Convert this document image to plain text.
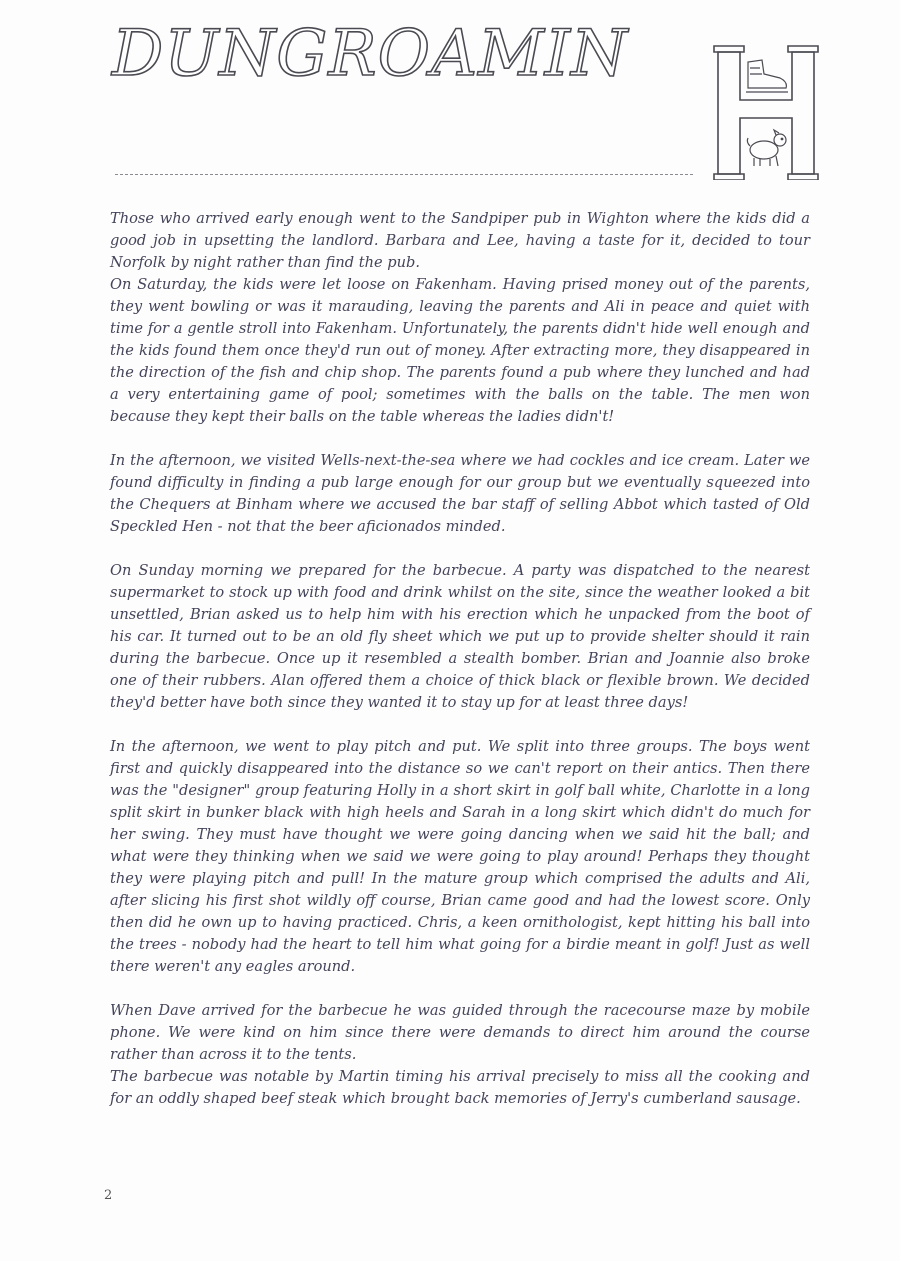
DUNGROAMIN

Those who arrived early enough went to the Sandpiper pub in Wighton where the kids did a good job in upsetting the landlord. Barbara and Lee, having a taste for it, decided to tour Norfolk by night rather than find the pub.

On Saturday, the kids were let loose on Fakenham. Having prised money out of the parents, they went bowling or was it marauding, leaving the parents and Ali in peace and quiet with time for a gentle stroll into Fakenham. Unfortunately, the parents didn't hide well enough and the kids found them once they'd run out of money. After extracting more, they disappeared in the direction of the fish and chip shop. The parents found a pub where they lunched and had a very entertaining game of pool; sometimes with the balls on the table. The men won because they kept their balls on the table whereas the ladies didn't!

In the afternoon, we visited Wells-next-the-sea where we had cockles and ice cream. Later we found difficulty in finding a pub large enough for our group but we eventually squeezed into the Chequers at Binham where we accused the bar staff of selling Abbot which tasted of Old Speckled Hen - not that the beer aficionados minded.

On Sunday morning we prepared for the barbecue. A party was dispatched to the nearest supermarket to stock up with food and drink whilst on the site, since the weather looked a bit unsettled, Brian asked us to help him with his erection which he unpacked from the boot of his car. It turned out to be an old fly sheet which we put up to provide shelter should it rain during the barbecue. Once up it resembled a stealth bomber. Brian and Joannie also broke one of their rubbers. Alan offered them a choice of thick black or flexible brown. We decided they'd better have both since they wanted it to stay up for at least three days!

In the afternoon, we went to play pitch and put. We split into three groups. The boys went first and quickly disappeared into the distance so we can't report on their antics. Then there was the "designer" group featuring Holly in a short skirt in golf ball white, Charlotte in a long split skirt in bunker black with high heels and Sarah in a long skirt which didn't do much for her swing. They must have thought we were going dancing when we said hit the ball; and what were they thinking when we said we were going to play around! Perhaps they thought they were playing pitch and pull! In the mature group which comprised the adults and Ali, after slicing his first shot wildly off course, Brian came good and had the lowest score. Only then did he own up to having practiced. Chris, a keen ornithologist, kept hitting his ball into the trees - nobody had the heart to tell him what going for a birdie meant in golf! Just as well there weren't any eagles around.

When Dave arrived for the barbecue he was guided through the racecourse maze by mobile phone. We were kind on him since there were demands to direct him around the course rather than across it to the tents.

The barbecue was notable by Martin timing his arrival precisely to miss all the cooking and for an oddly shaped beef steak which brought back memories of Jerry's cumberland sausage.

2
